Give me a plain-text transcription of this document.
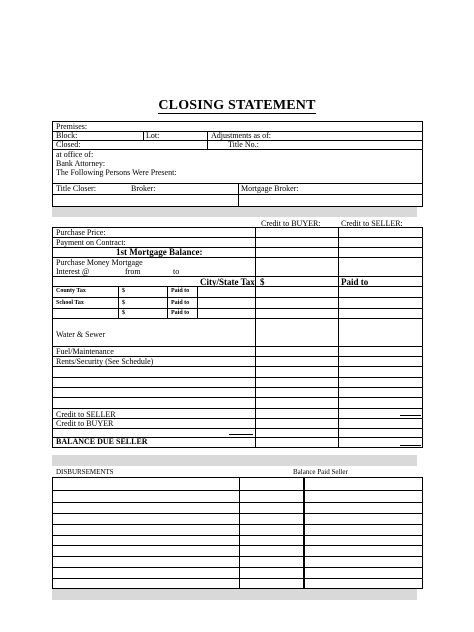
CLOSING STATEMENT
Premises:
Block:	Lot:	Adjustments as of:
Closed:	Title No.:
at office of:
Bank Attorney:
The Following Persons Were Present:
Title Closer:	Broker:	Mortgage Broker:
Credit to BUYER:	Credit to SELLER:
Purchase Price:
Payment on Contract:
1st Mortgage Balance:
Purchase Money Mortgage
Interest @	from	to
City/State Tax $	Paid to
County Tax	$	Paid to
School Tax	$	Paid to
$	Paid to
Water & Sewer
Fuel/Maintenance
Rents/Security (See Schedule)
Credit to SELLER
Credit to BUYER
BALANCE DUE SELLER
DISBURSEMENTS	Balance Paid Seller
